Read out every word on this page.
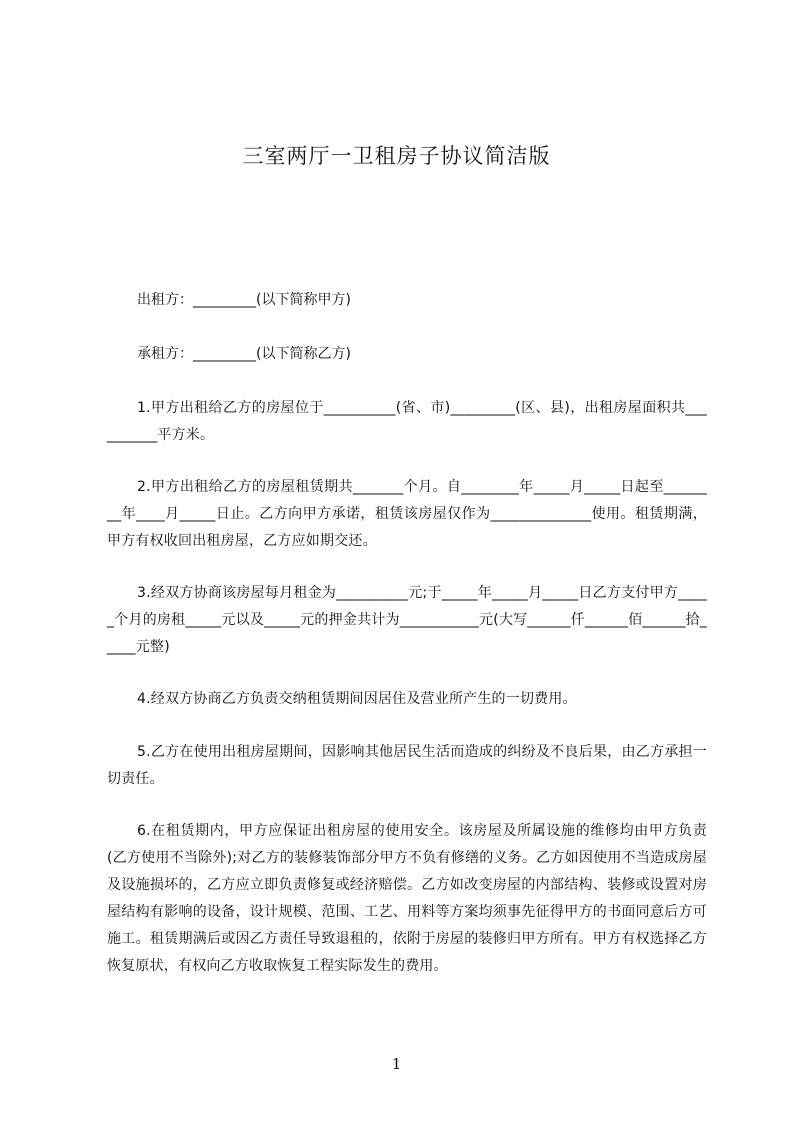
三室两厅一卫租房子协议简洁版
出租方：_________(以下简称甲方)
承租方：_________(以下简称乙方)
1.甲方出租给乙方的房屋位于__________(省、市)_________(区、县)，出租房屋面积共__________平方米。
2.甲方出租给乙方的房屋租赁期共_______个月。自________年_____月_____日起至________年____月_____日止。乙方向甲方承诺，租赁该房屋仅作为______________使用。租赁期满，甲方有权收回出租房屋，乙方应如期交还。
3.经双方协商该房屋每月租金为__________元;于_____年_____月_____日乙方支付甲方_____个月的房租_____元以及_____元的押金共计为___________元(大写______仟______佰______拾_____元整)
4.经双方协商乙方负责交纳租赁期间因居住及营业所产生的一切费用。
5.乙方在使用出租房屋期间，因影响其他居民生活而造成的纠纷及不良后果，由乙方承担一切责任。
6.在租赁期内，甲方应保证出租房屋的使用安全。该房屋及所属设施的维修均由甲方负责(乙方使用不当除外);对乙方的装修装饰部分甲方不负有修缮的义务。乙方如因使用不当造成房屋及设施损坏的，乙方应立即负责修复或经济赔偿。乙方如改变房屋的内部结构、装修或设置对房屋结构有影响的设备，设计规模、范围、工艺、用料等方案均须事先征得甲方的书面同意后方可施工。租赁期满后或因乙方责任导致退租的，依附于房屋的装修归甲方所有。甲方有权选择乙方恢复原状，有权向乙方收取恢复工程实际发生的费用。
1
